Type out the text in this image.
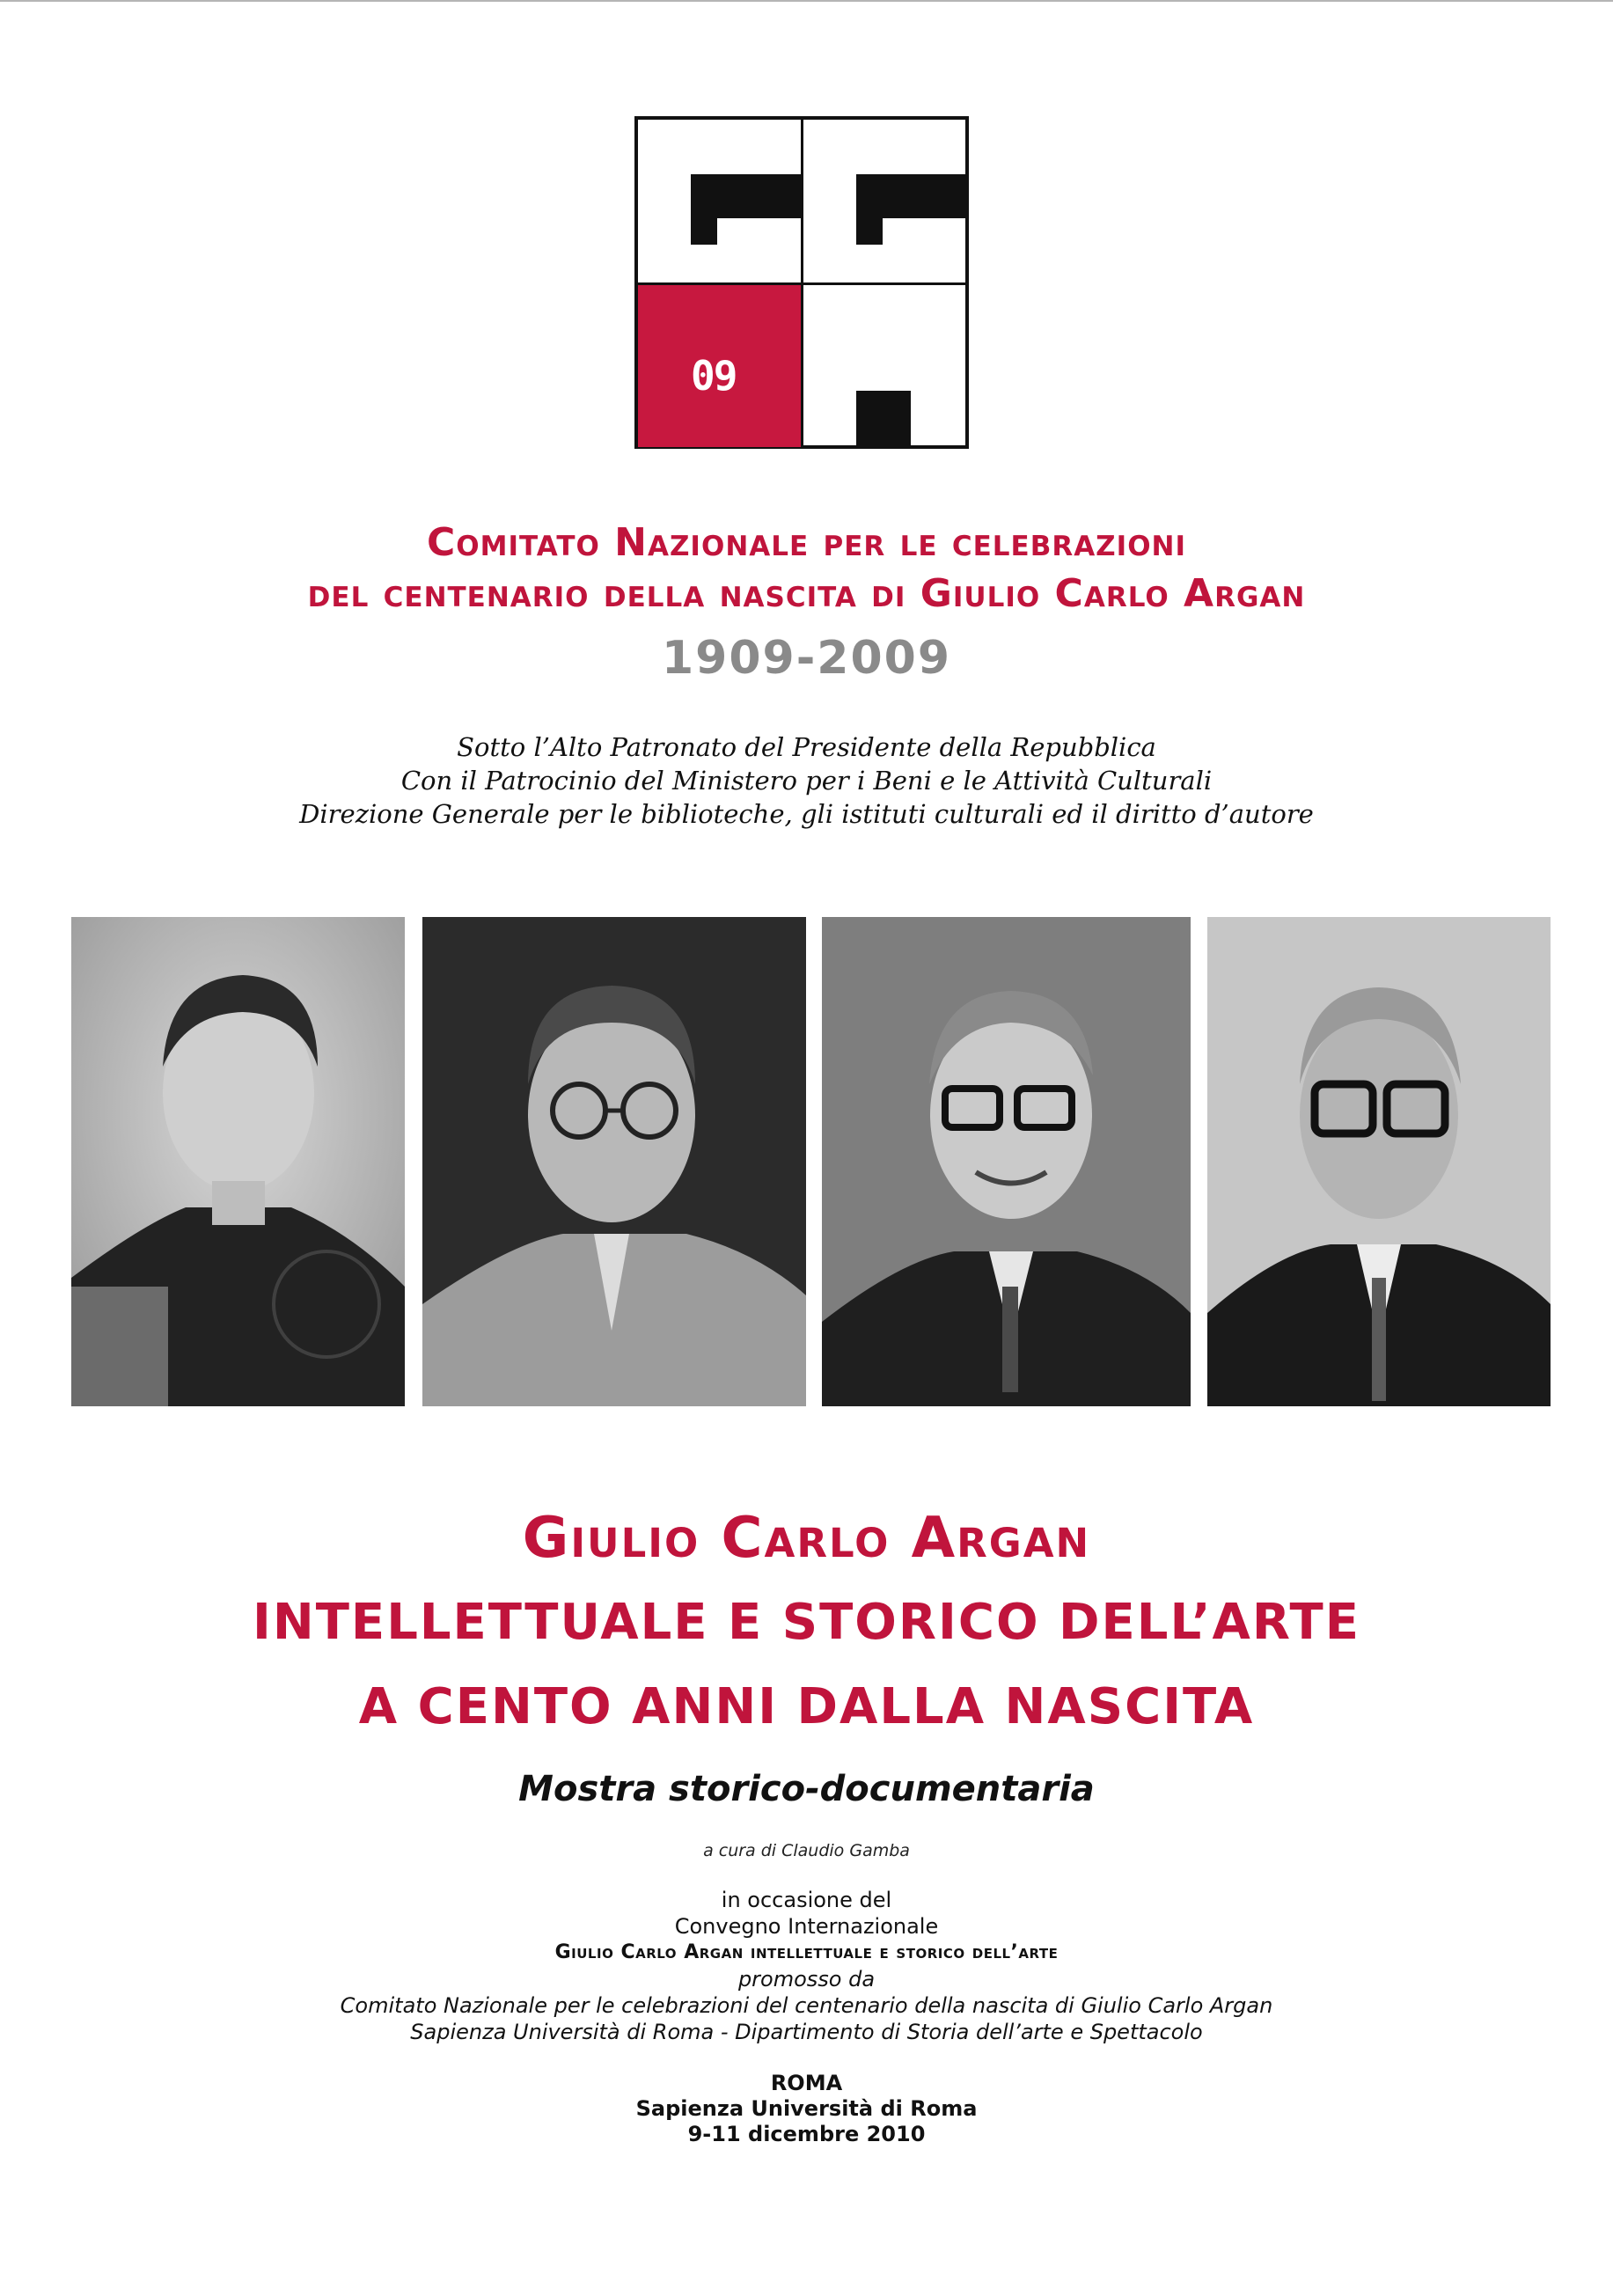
09
Comitato Nazionale per le celebrazioni
del centenario della nascita di Giulio Carlo Argan
1909-2009
Sotto l’Alto Patronato del Presidente della Repubblica
Con il Patrocinio del Ministero per i Beni e le Attività Culturali
Direzione Generale per le biblioteche, gli istituti culturali ed il diritto d’autore
Giulio Carlo Argan
INTELLETTUALE E STORICO DELL’ARTE
A CENTO ANNI DALLA NASCITA
Mostra storico-documentaria
a cura di Claudio Gamba
in occasione del
Convegno Internazionale
Giulio Carlo Argan intellettuale e storico dell’arte
promosso da
Comitato Nazionale per le celebrazioni del centenario della nascita di Giulio Carlo Argan
Sapienza Università di Roma - Dipartimento di Storia dell’arte e Spettacolo
ROMA
Sapienza Università di Roma
9-11 dicembre 2010
